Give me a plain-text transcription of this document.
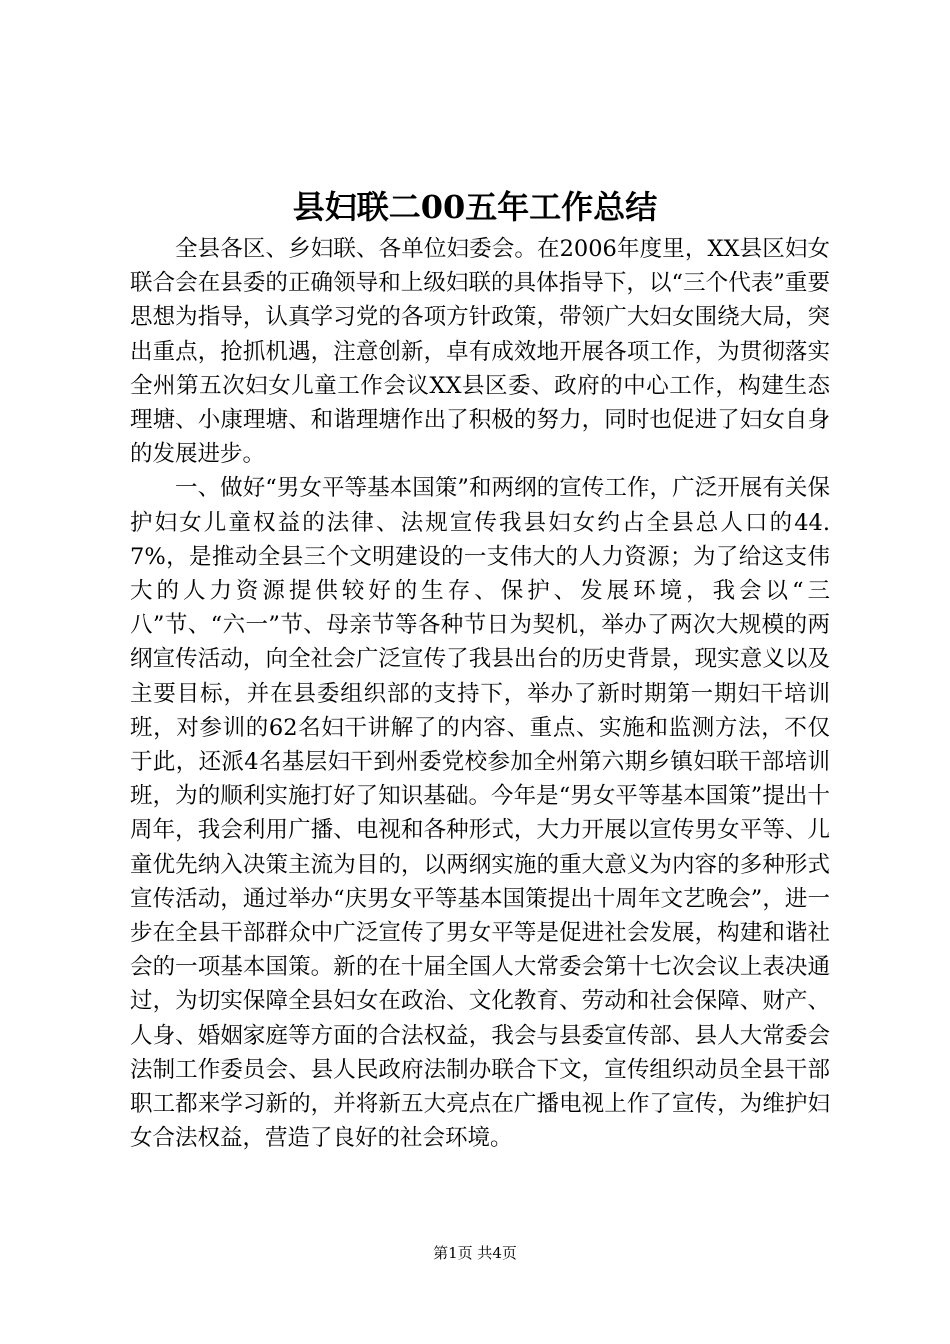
县妇联二00五年工作总结

全县各区、乡妇联、各单位妇委会。在2006年度里，XX县区妇女联合会在县委的正确领导和上级妇联的具体指导下，以“三个代表”重要思想为指导，认真学习党的各项方针政策，带领广大妇女围绕大局，突出重点，抢抓机遇，注意创新，卓有成效地开展各项工作，为贯彻落实全州第五次妇女儿童工作会议XX县区委、政府的中心工作，构建生态理塘、小康理塘、和谐理塘作出了积极的努力，同时也促进了妇女自身的发展进步。

一、做好“男女平等基本国策”和两纲的宣传工作，广泛开展有关保护妇女儿童权益的法律、法规宣传我县妇女约占全县总人口的44.7%，是推动全县三个文明建设的一支伟大的人力资源；为了给这支伟大的人力资源提供较好的生存、保护、发展环境，我会以“三八”节、“六一”节、母亲节等各种节日为契机，举办了两次大规模的两纲宣传活动，向全社会广泛宣传了我县出台的历史背景，现实意义以及主要目标，并在县委组织部的支持下，举办了新时期第一期妇干培训班，对参训的62名妇干讲解了的内容、重点、实施和监测方法，不仅于此，还派4名基层妇干到州委党校参加全州第六期乡镇妇联干部培训班，为的顺利实施打好了知识基础。今年是“男女平等基本国策”提出十周年，我会利用广播、电视和各种形式，大力开展以宣传男女平等、儿童优先纳入决策主流为目的，以两纲实施的重大意义为内容的多种形式宣传活动，通过举办“庆男女平等基本国策提出十周年文艺晚会”，进一步在全县干部群众中广泛宣传了男女平等是促进社会发展，构建和谐社会的一项基本国策。新的在十届全国人大常委会第十七次会议上表决通过，为切实保障全县妇女在政治、文化教育、劳动和社会保障、财产、人身、婚姻家庭等方面的合法权益，我会与县委宣传部、县人大常委会法制工作委员会、县人民政府法制办联合下文，宣传组织动员全县干部职工都来学习新的，并将新五大亮点在广播电视上作了宣传，为维护妇女合法权益，营造了良好的社会环境。

第1页 共4页
